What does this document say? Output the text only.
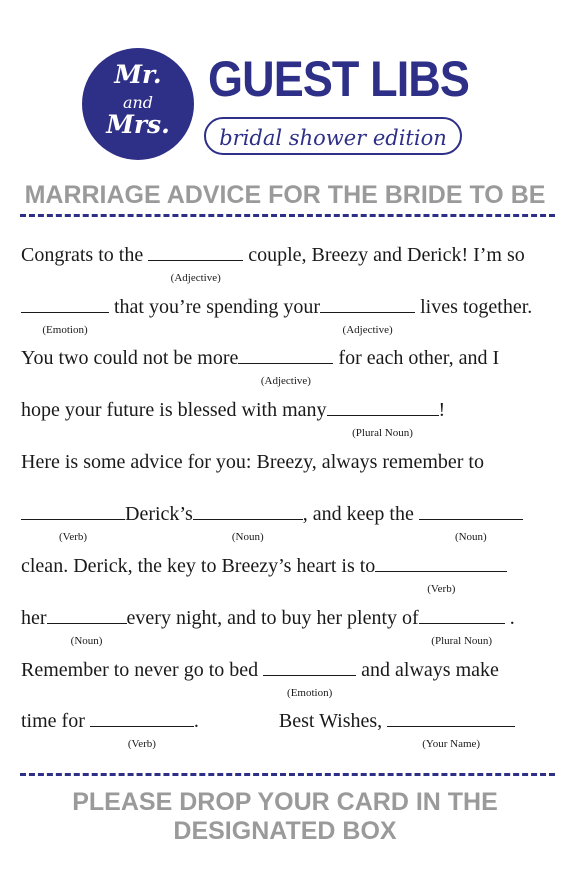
Mr.
and
Mrs.
GUEST LIBS
bridal shower edition
MARRIAGE ADVICE FOR THE BRIDE TO BE
Congrats to the
(Adjective)
couple, Breezy and Derick! I’m so
(Emotion)
that you’re spending your
(Adjective)
lives together.
You two could not be more
(Adjective)
for each other, and I
hope your future is blessed with many
(Plural Noun)
!
Here is some advice for you: Breezy, always remember to
(Verb)
Derick’s
(Noun)
, and keep the
(Noun)
clean. Derick, the key to Breezy’s heart is to
(Verb)
her
(Noun)
every night, and to buy her plenty of
(Plural Noun)
.
Remember to never go to bed
(Emotion)
and always make
time for
(Verb)
.	Best Wishes,
(Your Name)
PLEASE DROP YOUR CARD IN THE DESIGNATED BOX
